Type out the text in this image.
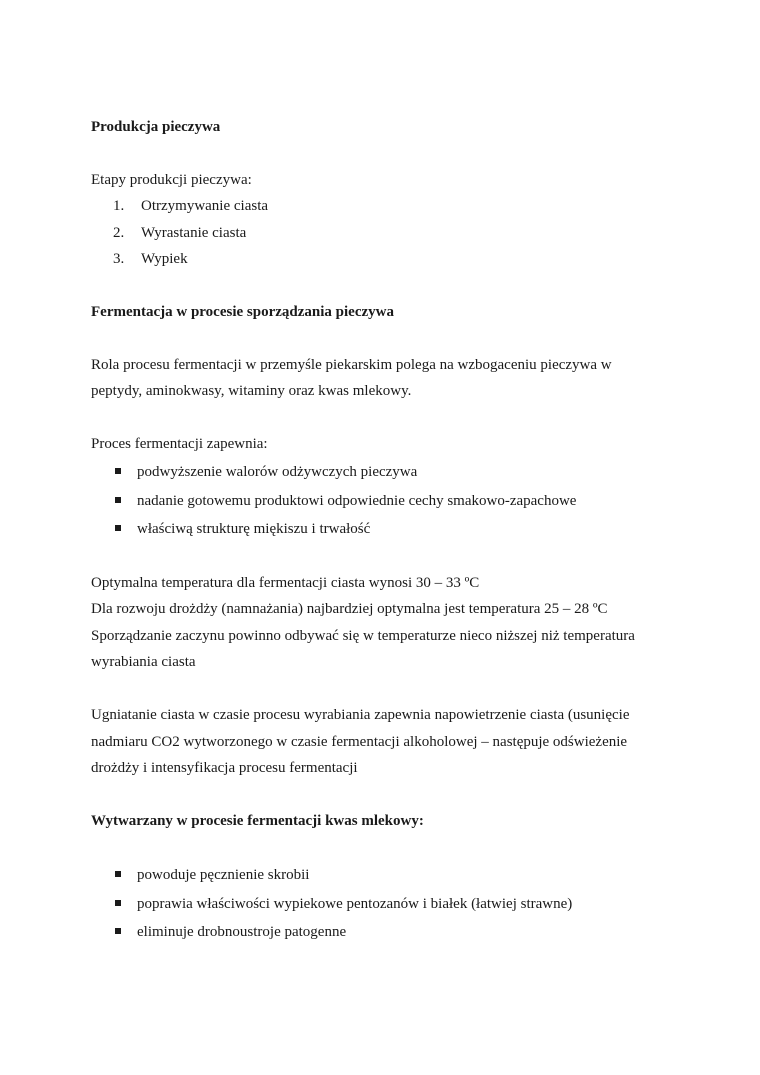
Produkcja pieczywa
Etapy produkcji pieczywa:
1. Otrzymywanie ciasta
2. Wyrastanie ciasta
3. Wypiek
Fermentacja w procesie sporządzania pieczywa
Rola procesu fermentacji w przemyśle piekarskim polega na wzbogaceniu pieczywa w
peptydy, aminokwasy, witaminy oraz kwas mlekowy.
Proces fermentacji zapewnia:
podwyższenie walorów odżywczych pieczywa
nadanie gotowemu produktowi odpowiednie cechy smakowo-zapachowe
właściwą strukturę miękiszu i trwałość
Optymalna temperatura dla fermentacji ciasta wynosi 30 – 33 ºC
Dla rozwoju drożdży (namnażania) najbardziej optymalna jest temperatura 25 – 28 ºC
Sporządzanie zaczynu powinno odbywać się w temperaturze nieco niższej niż temperatura
wyrabiania ciasta
Ugniatanie ciasta w czasie procesu wyrabiania zapewnia napowietrzenie ciasta (usunięcie
nadmiaru CO2 wytworzonego w czasie fermentacji alkoholowej – następuje odświeżenie
drożdży i intensyfikacja procesu fermentacji
Wytwarzany w procesie fermentacji kwas mlekowy:
powoduje pęcznienie skrobii
poprawia właściwości wypiekowe pentozanów i białek (łatwiej strawne)
eliminuje drobnoustroje patogenne
